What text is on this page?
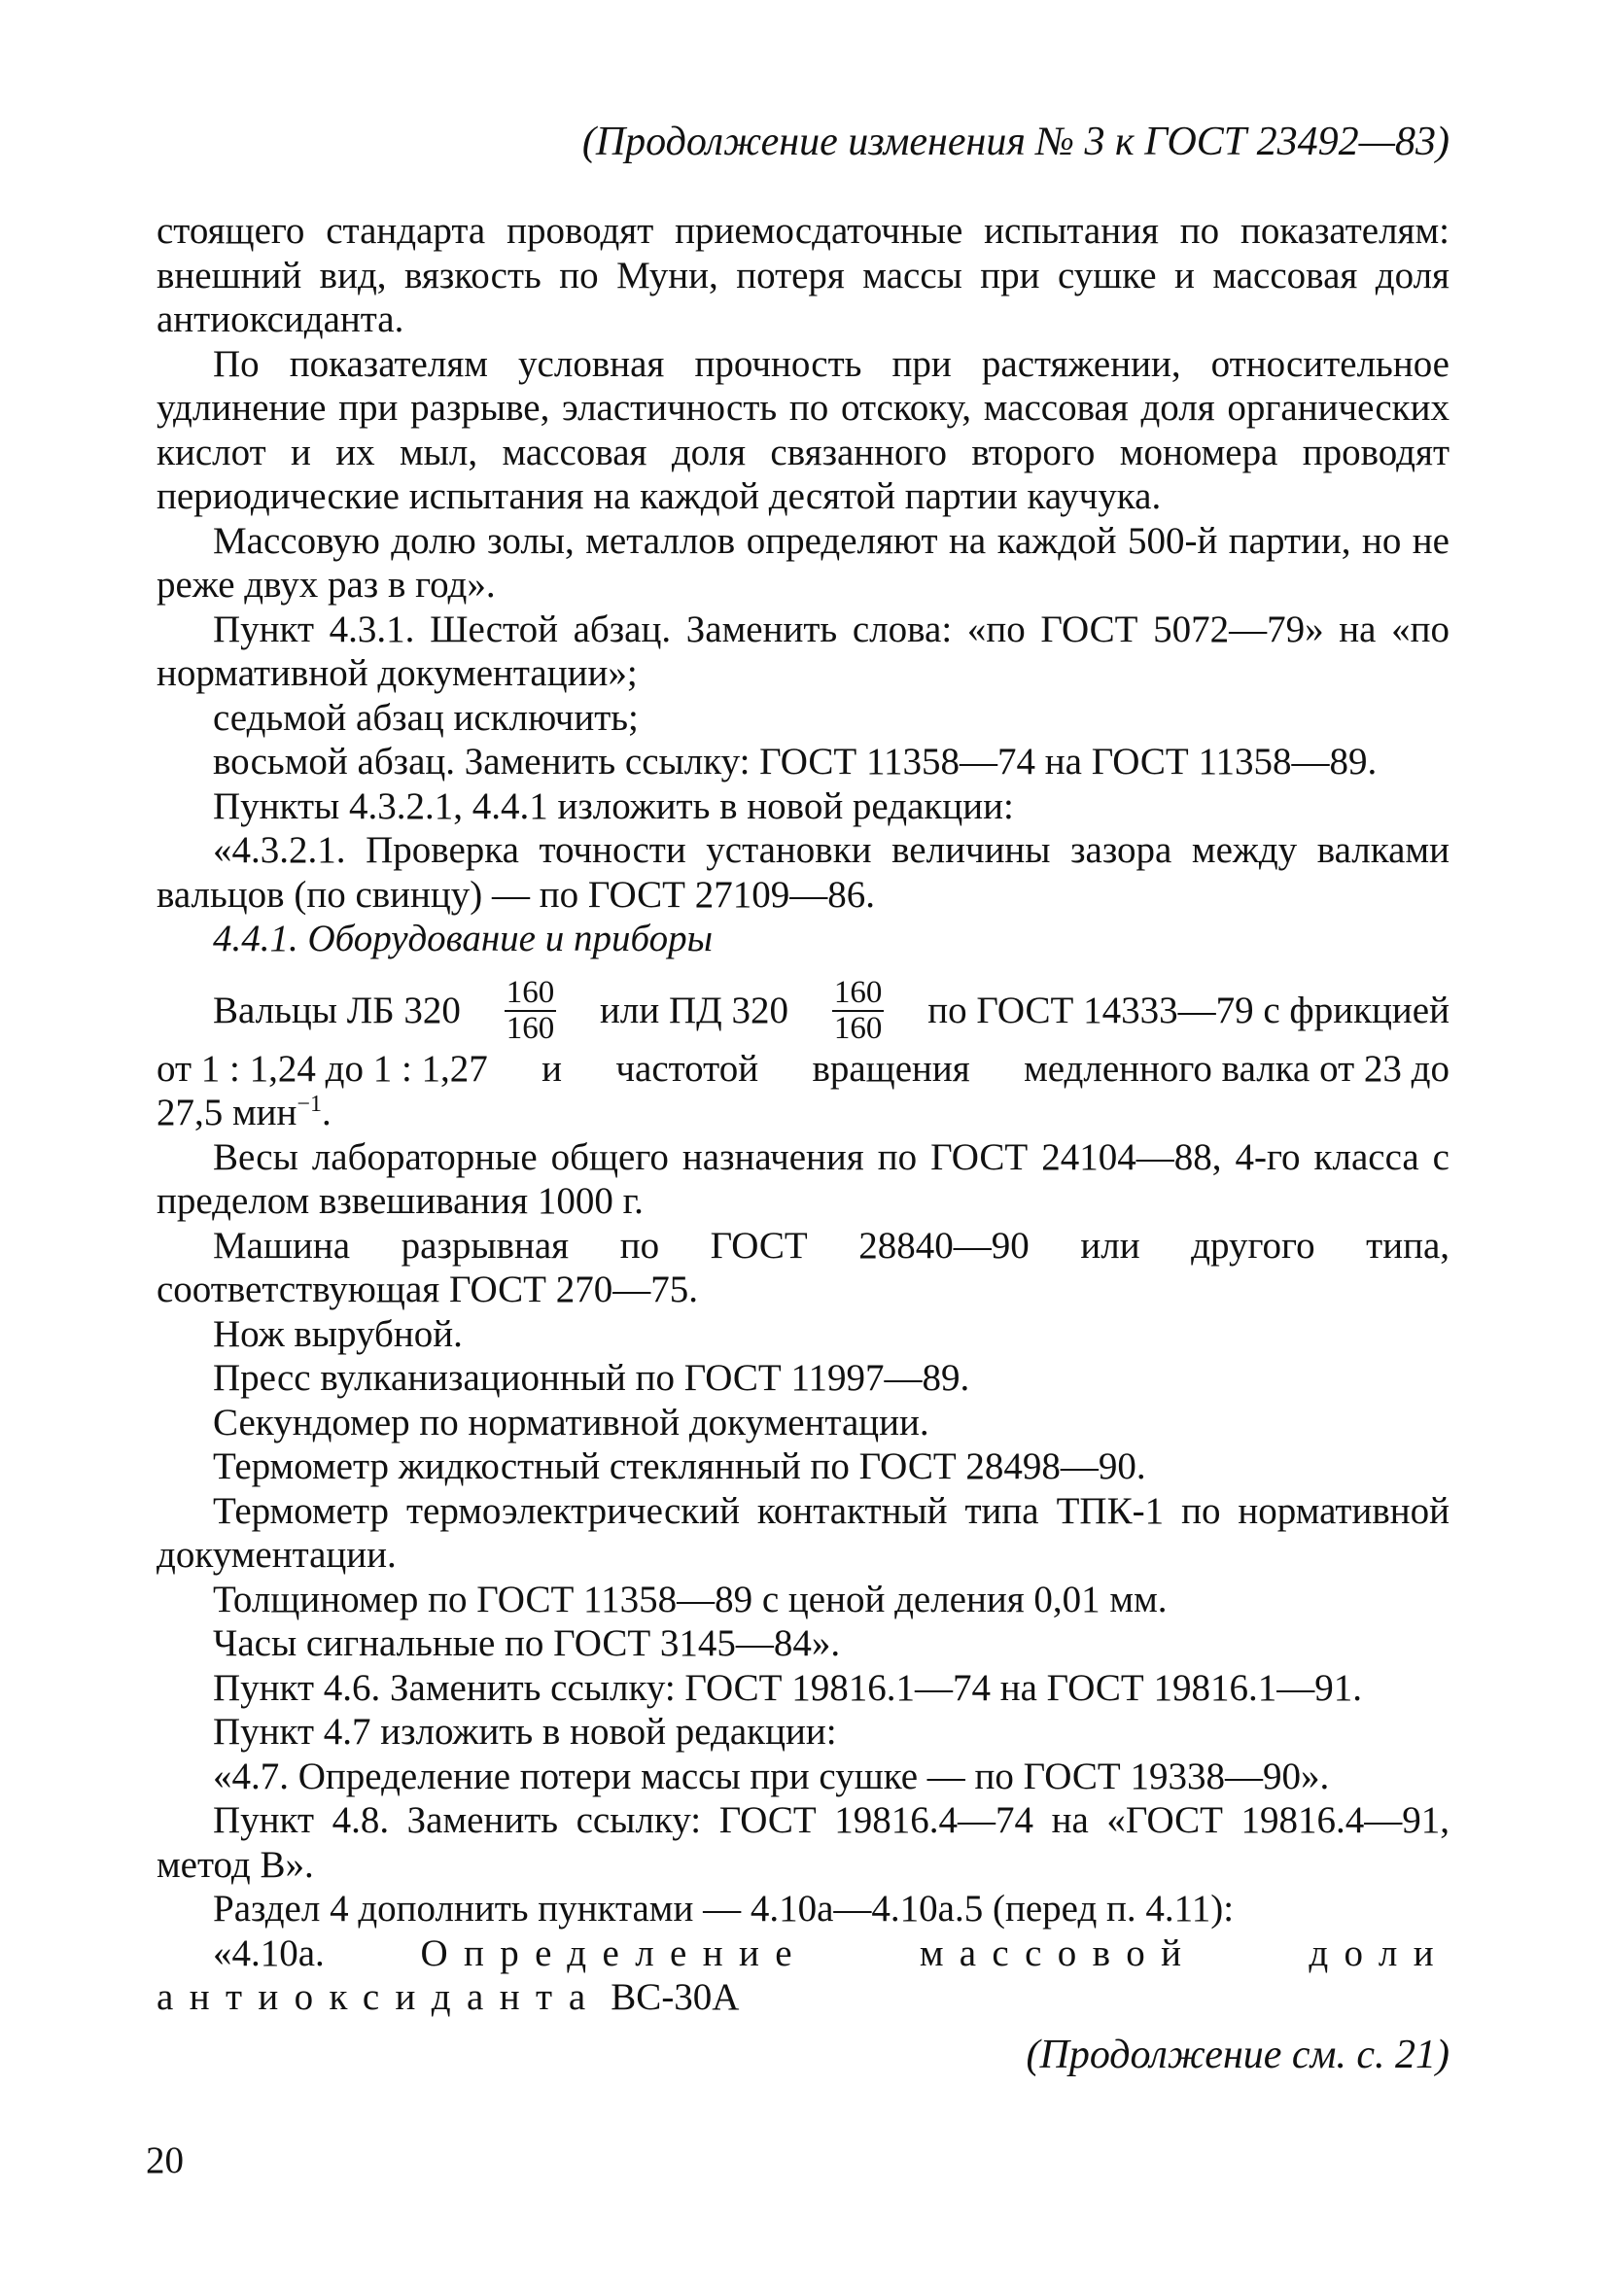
(Продолжение изменения № 3 к ГОСТ 23492—83)

стоящего стандарта проводят приемосдаточные испытания по показателям: внешний вид, вязкость по Муни, потеря массы при сушке и массовая доля антиоксиданта.

По показателям условная прочность при растяжении, относительное удлинение при разрыве, эластичность по отскоку, массовая доля органических кислот и их мыл, массовая доля связанного второго мономера проводят периодические испытания на каждой десятой партии каучука.

Массовую долю золы, металлов определяют на каждой 500-й партии, но не реже двух раз в год».

Пункт 4.3.1. Шестой абзац. Заменить слова: «по ГОСТ 5072—79» на «по нормативной документации»;

седьмой абзац исключить;

восьмой абзац. Заменить ссылку: ГОСТ 11358—74 на ГОСТ 11358—89.

Пункты 4.3.2.1, 4.4.1 изложить в новой редакции:

«4.3.2.1. Проверка точности установки величины зазора между валками вальцов (по свинцу) — по ГОСТ 27109—86.

4.4.1. Оборудование и приборы

Вальцы ЛБ $320 \frac{160}{160}$ или ПД $320 \frac{160}{160}$ по ГОСТ 14333—79 с фрикцией
от 1 : 1,24 до 1 : 1,27 и частотой вращения медленного валка от 23 до
27,5 мин$^{-1}$.

Весы лабораторные общего назначения по ГОСТ 24104—88, 4-го класса с пределом взвешивания 1000 г.

Машина разрывная по ГОСТ 28840—90 или другого типа, соответствующая ГОСТ 270—75.

Нож вырубной.

Пресс вулканизационный по ГОСТ 11997—89.

Секундомер по нормативной документации.

Термометр жидкостный стеклянный по ГОСТ 28498—90.

Термометр термоэлектрический контактный типа ТПК-1 по нормативной документации.

Толщиномер по ГОСТ 11358—89 с ценой деления 0,01 мм.

Часы сигнальные по ГОСТ 3145—84».

Пункт 4.6. Заменить ссылку: ГОСТ 19816.1—74 на ГОСТ 19816.1—91.

Пункт 4.7 изложить в новой редакции:

«4.7. Определение потери массы при сушке — по ГОСТ 19338—90».

Пункт 4.8. Заменить ссылку: ГОСТ 19816.4—74 на «ГОСТ 19816.4—91, метод В».

Раздел 4 дополнить пунктами — 4.10а—4.10а.5 (перед п. 4.11):

«4.10а.	Определение массовой доли антиоксиданта ВС-30А

(Продолжение см. с. 21)
20
